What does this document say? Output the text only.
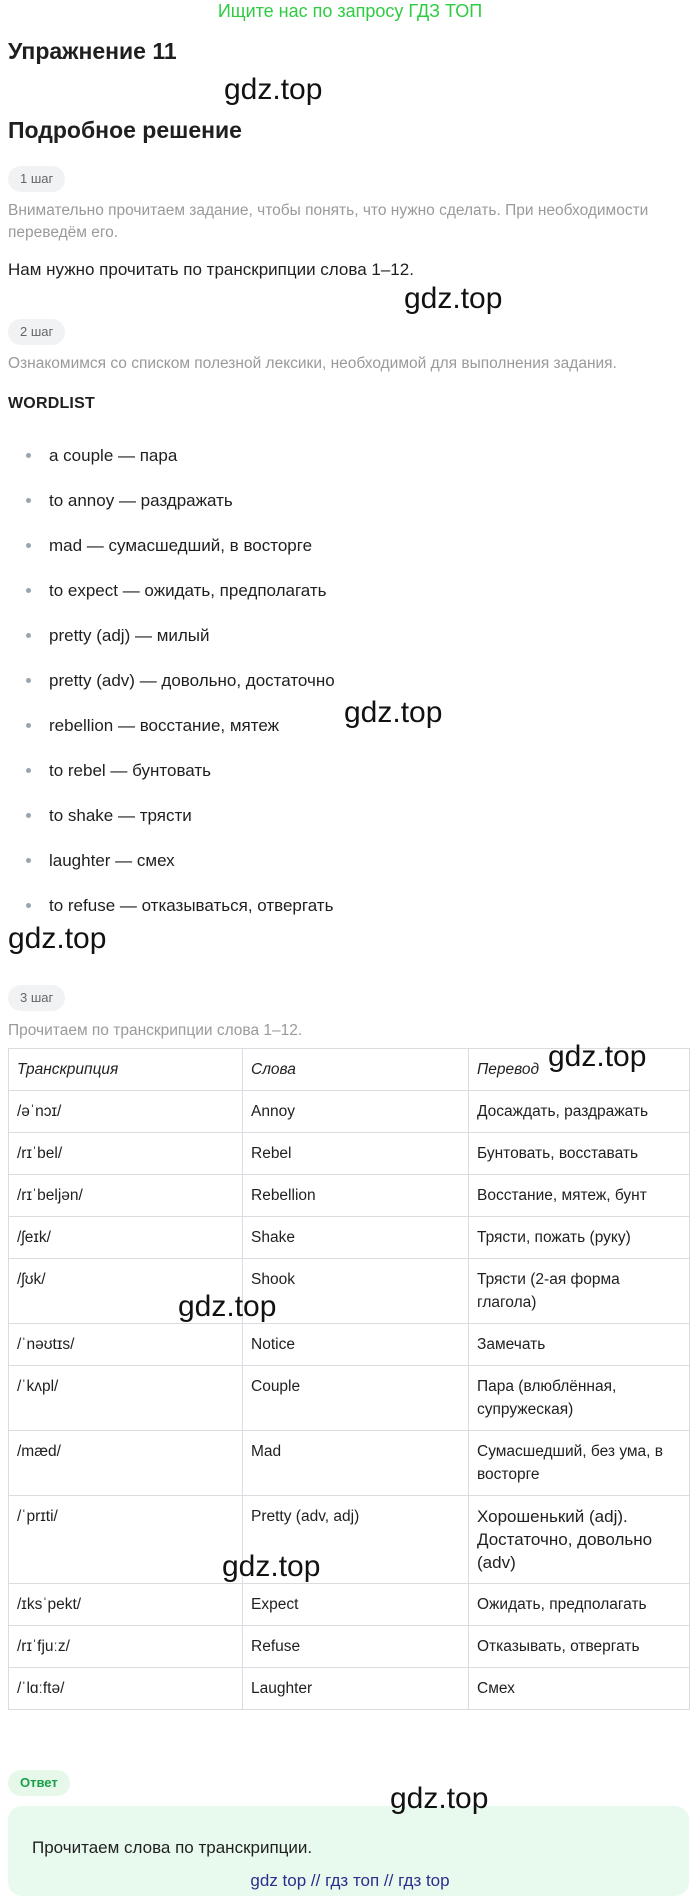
Ищите нас по запросу ГДЗ ТОП
Упражнение 11
gdz.top
Подробное решение
1 шаг
Внимательно прочитаем задание, чтобы понять, что нужно сделать. При необходимости переведём его.
Нам нужно прочитать по транскрипции слова 1–12.
gdz.top
2 шаг
Ознакомимся со списком полезной лексики, необходимой для выполнения задания.
WORDLIST
a couple — пара
to annoy — раздражать
mad — сумасшедший, в восторге
to expect — ожидать, предполагать
pretty (adj) — милый
pretty (adv) — довольно, достаточно
gdz.top
rebellion — восстание, мятеж
to rebel — бунтовать
to shake — трясти
laughter — смех
to refuse — отказываться, отвергать
gdz.top
3 шаг
Прочитаем по транскрипции слова 1–12.
Транскрипция	Слова	Перевод
/əˈnɔɪ/	Annoy	Досаждать, раздражать
/rɪˈbel/	Rebel	Бунтовать, восставать
/rɪˈbeljən/	Rebellion	Восстание, мятеж, бунт
/ʃeɪk/	Shake	Трясти, пожать (руку)
/ʃʊk/	Shook	Трясти (2-ая форма глагола)
/ˈnəʊtɪs/	Notice	Замечать
/ˈkʌpl/	Couple	Пара (влюблённая, супружеская)
/mæd/	Mad	Сумасшедший, без ума, в восторге
/ˈprɪti/	Pretty (adv, adj)	Хорошенький (adj). Достаточно, довольно (adv)
/ɪksˈpekt/	Expect	Ожидать, предполагать
/rɪˈfjuːz/	Refuse	Отказывать, отвергать
/ˈlɑːftə/	Laughter	Смех
gdz.top
gdz.top
gdz.top
Ответ
Прочитаем слова по транскрипции.
gdz.top
gdz top // гдз топ // гдз top
